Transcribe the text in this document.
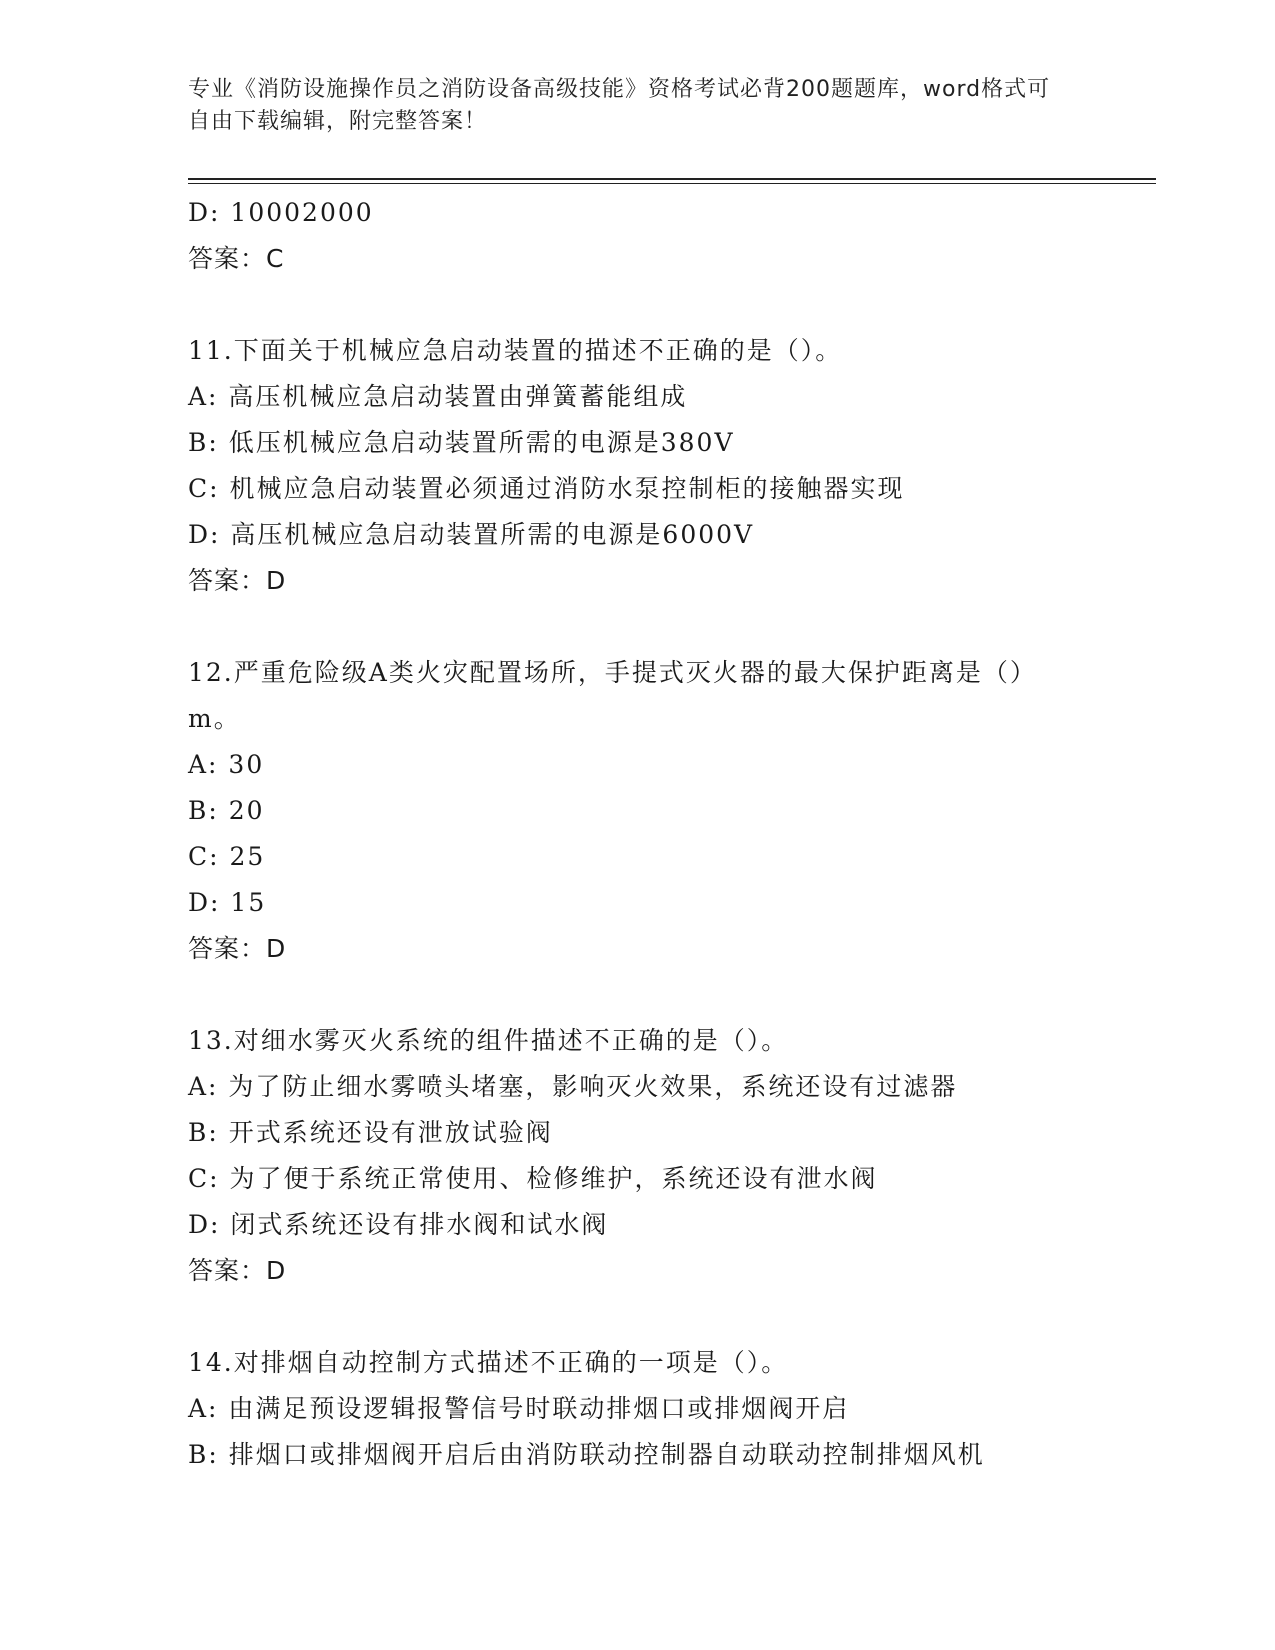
专业《消防设施操作员之消防设备高级技能》资格考试必背200题题库，word格式可自由下载编辑，附完整答案！
D: 10002000
答案：C
11.下面关于机械应急启动装置的描述不正确的是（）。
A: 高压机械应急启动装置由弹簧蓄能组成
B: 低压机械应急启动装置所需的电源是380V
C: 机械应急启动装置必须通过消防水泵控制柜的接触器实现
D: 高压机械应急启动装置所需的电源是6000V
答案：D
12.严重危险级A类火灾配置场所，手提式灭火器的最大保护距离是（）m。
A: 30
B: 20
C: 25
D: 15
答案：D
13.对细水雾灭火系统的组件描述不正确的是（）。
A: 为了防止细水雾喷头堵塞，影响灭火效果，系统还设有过滤器
B: 开式系统还设有泄放试验阀
C: 为了便于系统正常使用、检修维护，系统还设有泄水阀
D: 闭式系统还设有排水阀和试水阀
答案：D
14.对排烟自动控制方式描述不正确的一项是（）。
A: 由满足预设逻辑报警信号时联动排烟口或排烟阀开启
B: 排烟口或排烟阀开启后由消防联动控制器自动联动控制排烟风机
